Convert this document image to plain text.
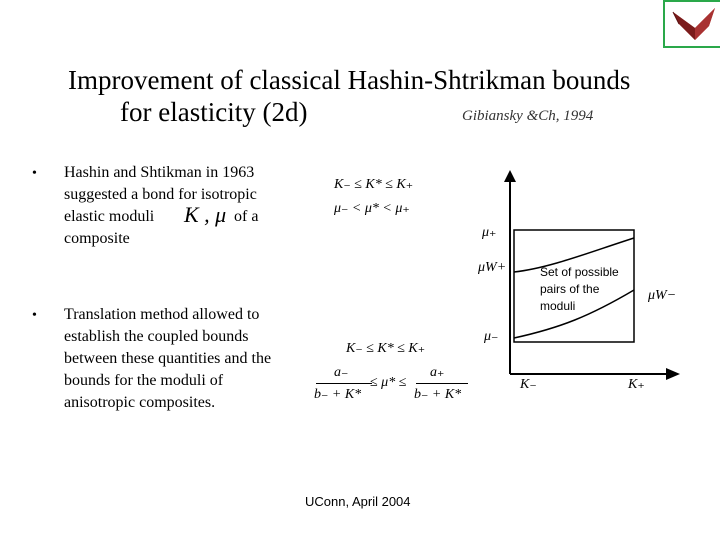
Improvement of classical Hashin-Shtrikman bounds
for elasticity (2d)	Gibiansky &Ch, 1994
• Hashin and Shtikman in 1963
suggested a bond for isotropic
elastic moduli K , μ of a
composite
• Translation method allowed to
establish the coupled bounds
between these quantities and the
bounds for the moduli of
anisotropic composites.
K₋ ≤ K* ≤ K₊
μ₋ < μ* < μ₊
K₋ ≤ K* ≤ K₊
a₋
b₋ + K*
≤ μ* ≤
a₊
b₋ + K*
μ₊
μW+
μ₋
μW−
K₋	K₊
Set of possible
pairs of the
moduli
UConn, April 2004
